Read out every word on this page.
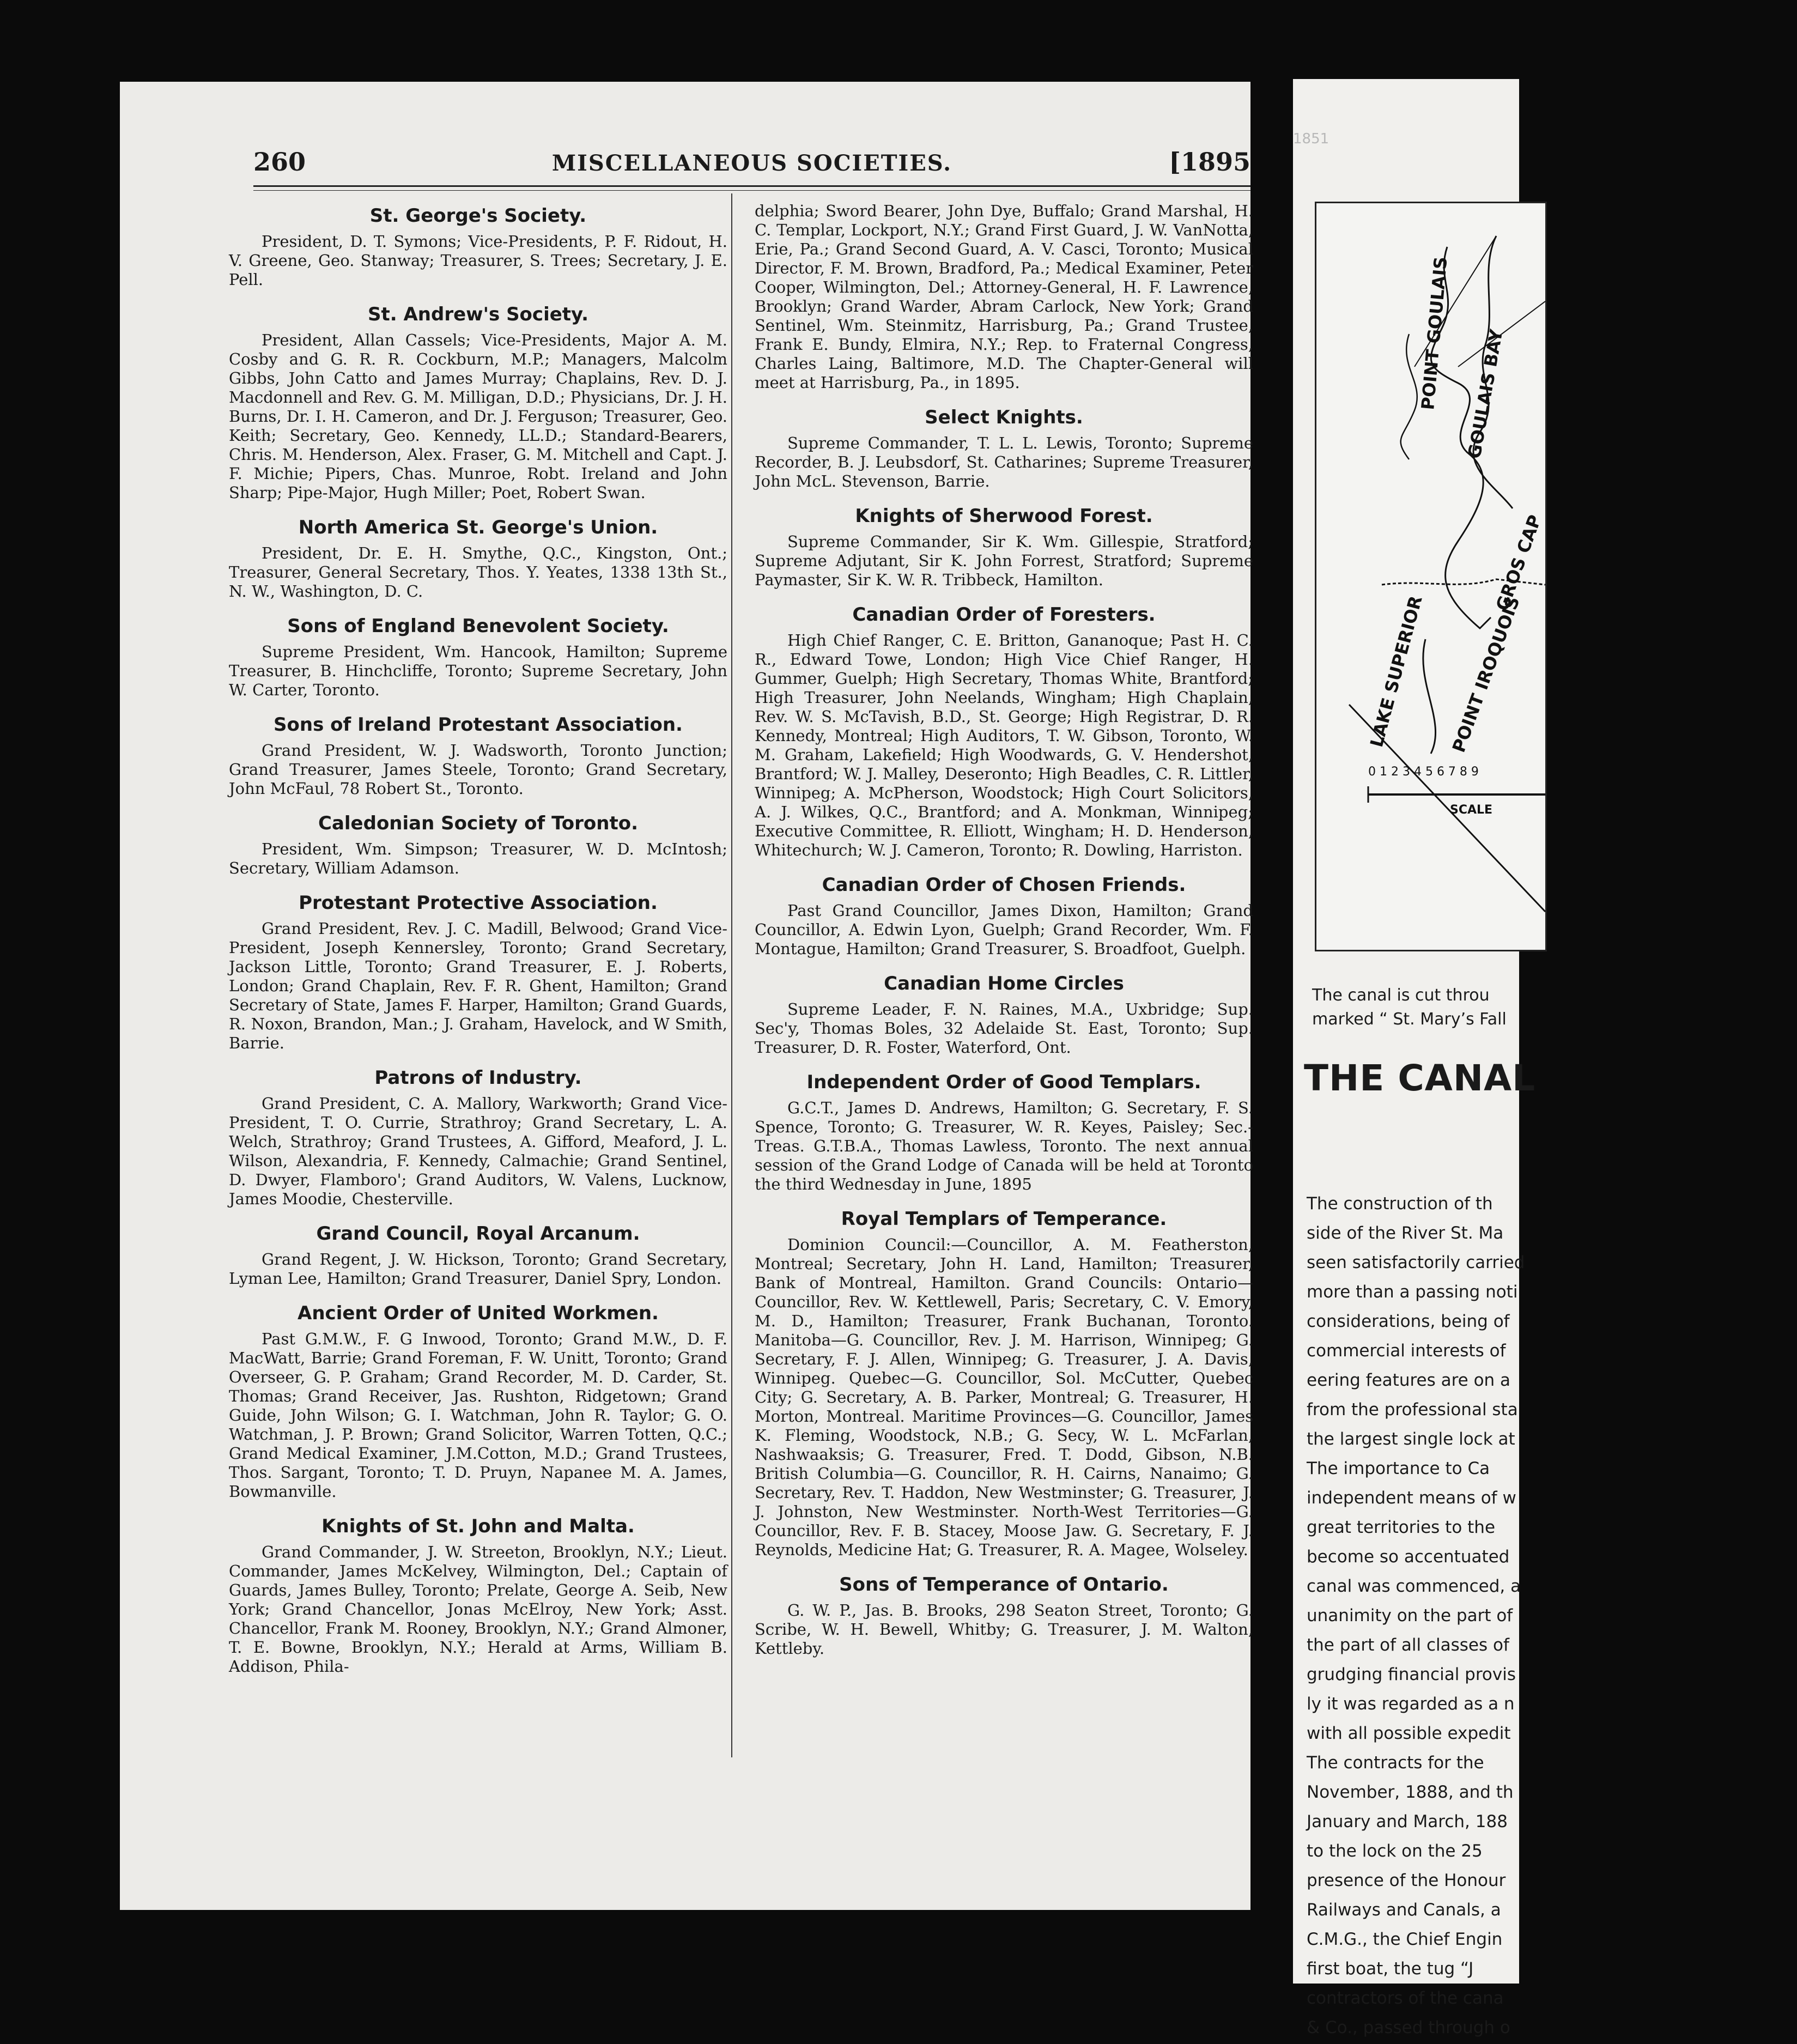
260	MISCELLANEOUS SOCIETIES.	[1895
St. George's Society.

President, D. T. Symons; Vice-Presidents, P. F. Ridout, H. V. Greene, Geo. Stanway; Treasurer, S. Trees; Secretary, J. E. Pell.

St. Andrew's Society.

President, Allan Cassels; Vice-Presidents, Major A. M. Cosby and G. R. R. Cockburn, M.P.; Managers, Malcolm Gibbs, John Catto and James Murray; Chaplains, Rev. D. J. Macdonnell and Rev. G. M. Milligan, D.D.; Physicians, Dr. J. H. Burns, Dr. I. H. Cameron, and Dr. J. Ferguson; Treasurer, Geo. Keith; Secretary, Geo. Kennedy, LL.D.; Standard-Bearers, Chris. M. Henderson, Alex. Fraser, G. M. Mitchell and Capt. J. F. Michie; Pipers, Chas. Munroe, Robt. Ireland and John Sharp; Pipe-Major, Hugh Miller; Poet, Robert Swan.

North America St. George's Union.

President, Dr. E. H. Smythe, Q.C., Kingston, Ont.; Treasurer, General Secretary, Thos. Y. Yeates, 1338 13th St., N. W., Washington, D. C.

Sons of England Benevolent Society.

Supreme President, Wm. Hancook, Hamilton; Supreme Treasurer, B. Hinchcliffe, Toronto; Supreme Secretary, John W. Carter, Toronto.

Sons of Ireland Protestant Association.

Grand President, W. J. Wadsworth, Toronto Junction; Grand Treasurer, James Steele, Toronto; Grand Secretary, John McFaul, 78 Robert St., Toronto.

Caledonian Society of Toronto.

President, Wm. Simpson; Treasurer, W. D. McIntosh; Secretary, William Adamson.

Protestant Protective Association.

Grand President, Rev. J. C. Madill, Belwood; Grand Vice-President, Joseph Kennersley, Toronto; Grand Secretary, Jackson Little, Toronto; Grand Treasurer, E. J. Roberts, London; Grand Chaplain, Rev. F. R. Ghent, Hamilton; Grand Secretary of State, James F. Harper, Hamilton; Grand Guards, R. Noxon, Brandon, Man.; J. Graham, Havelock, and W Smith, Barrie.

Patrons of Industry.

Grand President, C. A. Mallory, Warkworth; Grand Vice-President, T. O. Currie, Strathroy; Grand Secretary, L. A. Welch, Strathroy; Grand Trustees, A. Gifford, Meaford, J. L. Wilson, Alexandria, F. Kennedy, Calmachie; Grand Sentinel, D. Dwyer, Flamboro'; Grand Auditors, W. Valens, Lucknow, James Moodie, Chesterville.

Grand Council, Royal Arcanum.

Grand Regent, J. W. Hickson, Toronto; Grand Secretary, Lyman Lee, Hamilton; Grand Treasurer, Daniel Spry, London.

Ancient Order of United Workmen.

Past G.M.W., F. G Inwood, Toronto; Grand M.W., D. F. MacWatt, Barrie; Grand Foreman, F. W. Unitt, Toronto; Grand Overseer, G. P. Graham; Grand Recorder, M. D. Carder, St. Thomas; Grand Receiver, Jas. Rushton, Ridgetown; Grand Guide, John Wilson; G. I. Watchman, John R. Taylor; G. O. Watchman, J. P. Brown; Grand Solicitor, Warren Totten, Q.C.; Grand Medical Examiner, J.M.Cotton, M.D.; Grand Trustees, Thos. Sargant, Toronto; T. D. Pruyn, Napanee M. A. James, Bowmanville.

Knights of St. John and Malta.

Grand Commander, J. W. Streeton, Brooklyn, N.Y.; Lieut. Commander, James McKelvey, Wilmington, Del.; Captain of Guards, James Bulley, Toronto; Prelate, George A. Seib, New York; Grand Chancellor, Jonas McElroy, New York; Asst. Chancellor, Frank M. Rooney, Brooklyn, N.Y.; Grand Almoner, T. E. Bowne, Brooklyn, N.Y.; Herald at Arms, William B. Addison, Phila-

delphia; Sword Bearer, John Dye, Buffalo; Grand Marshal, H. C. Templar, Lockport, N.Y.; Grand First Guard, J. W. VanNotta, Erie, Pa.; Grand Second Guard, A. V. Casci, Toronto; Musical Director, F. M. Brown, Bradford, Pa.; Medical Examiner, Peter Cooper, Wilmington, Del.; Attorney-General, H. F. Lawrence, Brooklyn; Grand Warder, Abram Carlock, New York; Grand Sentinel, Wm. Steinmitz, Harrisburg, Pa.; Grand Trustee, Frank E. Bundy, Elmira, N.Y.; Rep. to Fraternal Congress, Charles Laing, Baltimore, M.D. The Chapter-General will meet at Harrisburg, Pa., in 1895.

Select Knights.

Supreme Commander, T. L. L. Lewis, Toronto; Supreme Recorder, B. J. Leubsdorf, St. Catharines; Supreme Treasurer, John McL. Stevenson, Barrie.

Knights of Sherwood Forest.

Supreme Commander, Sir K. Wm. Gillespie, Stratford; Supreme Adjutant, Sir K. John Forrest, Stratford; Supreme Paymaster, Sir K. W. R. Tribbeck, Hamilton.

Canadian Order of Foresters.

High Chief Ranger, C. E. Britton, Gananoque; Past H. C. R., Edward Towe, London; High Vice Chief Ranger, H. Gummer, Guelph; High Secretary, Thomas White, Brantford; High Treasurer, John Neelands, Wingham; High Chaplain, Rev. W. S. McTavish, B.D., St. George; High Registrar, D. R. Kennedy, Montreal; High Auditors, T. W. Gibson, Toronto, W. M. Graham, Lakefield; High Woodwards, G. V. Hendershot, Brantford; W. J. Malley, Deseronto; High Beadles, C. R. Littler, Winnipeg; A. McPherson, Woodstock; High Court Solicitors, A. J. Wilkes, Q.C., Brantford; and A. Monkman, Winnipeg; Executive Committee, R. Elliott, Wingham; H. D. Henderson, Whitechurch; W. J. Cameron, Toronto; R. Dowling, Harriston.

Canadian Order of Chosen Friends.

Past Grand Councillor, James Dixon, Hamilton; Grand Councillor, A. Edwin Lyon, Guelph; Grand Recorder, Wm. F. Montague, Hamilton; Grand Treasurer, S. Broadfoot, Guelph.

Canadian Home Circles

Supreme Leader, F. N. Raines, M.A., Uxbridge; Sup. Sec'y, Thomas Boles, 32 Adelaide St. East, Toronto; Sup. Treasurer, D. R. Foster, Waterford, Ont.

Independent Order of Good Templars.

G.C.T., James D. Andrews, Hamilton; G. Secretary, F. S. Spence, Toronto; G. Treasurer, W. R. Keyes, Paisley; Sec.-Treas. G.T.B.A., Thomas Lawless, Toronto. The next annual session of the Grand Lodge of Canada will be held at Toronto the third Wednesday in June, 1895

Royal Templars of Temperance.

Dominion Council:—Councillor, A. M. Featherston, Montreal; Secretary, John H. Land, Hamilton; Treasurer, Bank of Montreal, Hamilton. Grand Councils: Ontario—Councillor, Rev. W. Kettlewell, Paris; Secretary, C. V. Emory, M. D., Hamilton; Treasurer, Frank Buchanan, Toronto. Manitoba—G. Councillor, Rev. J. M. Harrison, Winnipeg; G. Secretary, F. J. Allen, Winnipeg; G. Treasurer, J. A. Davis, Winnipeg. Quebec—G. Councillor, Sol. McCutter, Quebec City; G. Secretary, A. B. Parker, Montreal; G. Treasurer, H. Morton, Montreal. Maritime Provinces—G. Councillor, James K. Fleming, Woodstock, N.B.; G. Secy, W. L. McFarlan, Nashwaaksis; G. Treasurer, Fred. T. Dodd, Gibson, N.B. British Columbia—G. Councillor, R. H. Cairns, Nanaimo; G. Secretary, Rev. T. Haddon, New Westminster; G. Treasurer, J. J. Johnston, New Westminster. North-West Territories—G. Councillor, Rev. F. B. Stacey, Moose Jaw. G. Secretary, F. J. Reynolds, Medicine Hat; G. Treasurer, R. A. Magee, Wolseley.

Sons of Temperance of Ontario.

G. W. P., Jas. B. Brooks, 298 Seaton Street, Toronto; G. Scribe, W. H. Bewell, Whitby; G. Treasurer, J. M. Walton, Kettleby.

1851
LAKE SUPERIOR
POINT GOULAIS GOULAIS BAY
GROS CAP
POINT IROQUOIS
0 1 2 3 4 5 6 7 8 9
SCALE
The canal is cut throu
marked “ St. Mary’s Fall
THE CANAL

The construction of th

side of the River St. Ma

seen satisfactorily carried

more than a passing noti

considerations, being of

commercial interests of

eering features are on a

from the professional sta

the largest single lock at

The importance to Ca

independent means of w

great territories to the

become so accentuated

canal was commenced, a

unanimity on the part of

the part of all classes of

grudging financial provis

ly it was regarded as a n

with all possible expedit

The contracts for the

November, 1888, and th

January and March, 188

to the lock on the 25

presence of the Honour

Railways and Canals, a

C.M.G., the Chief Engin

first boat, the tug “J

contractors of the cana

& Co., passed through o
